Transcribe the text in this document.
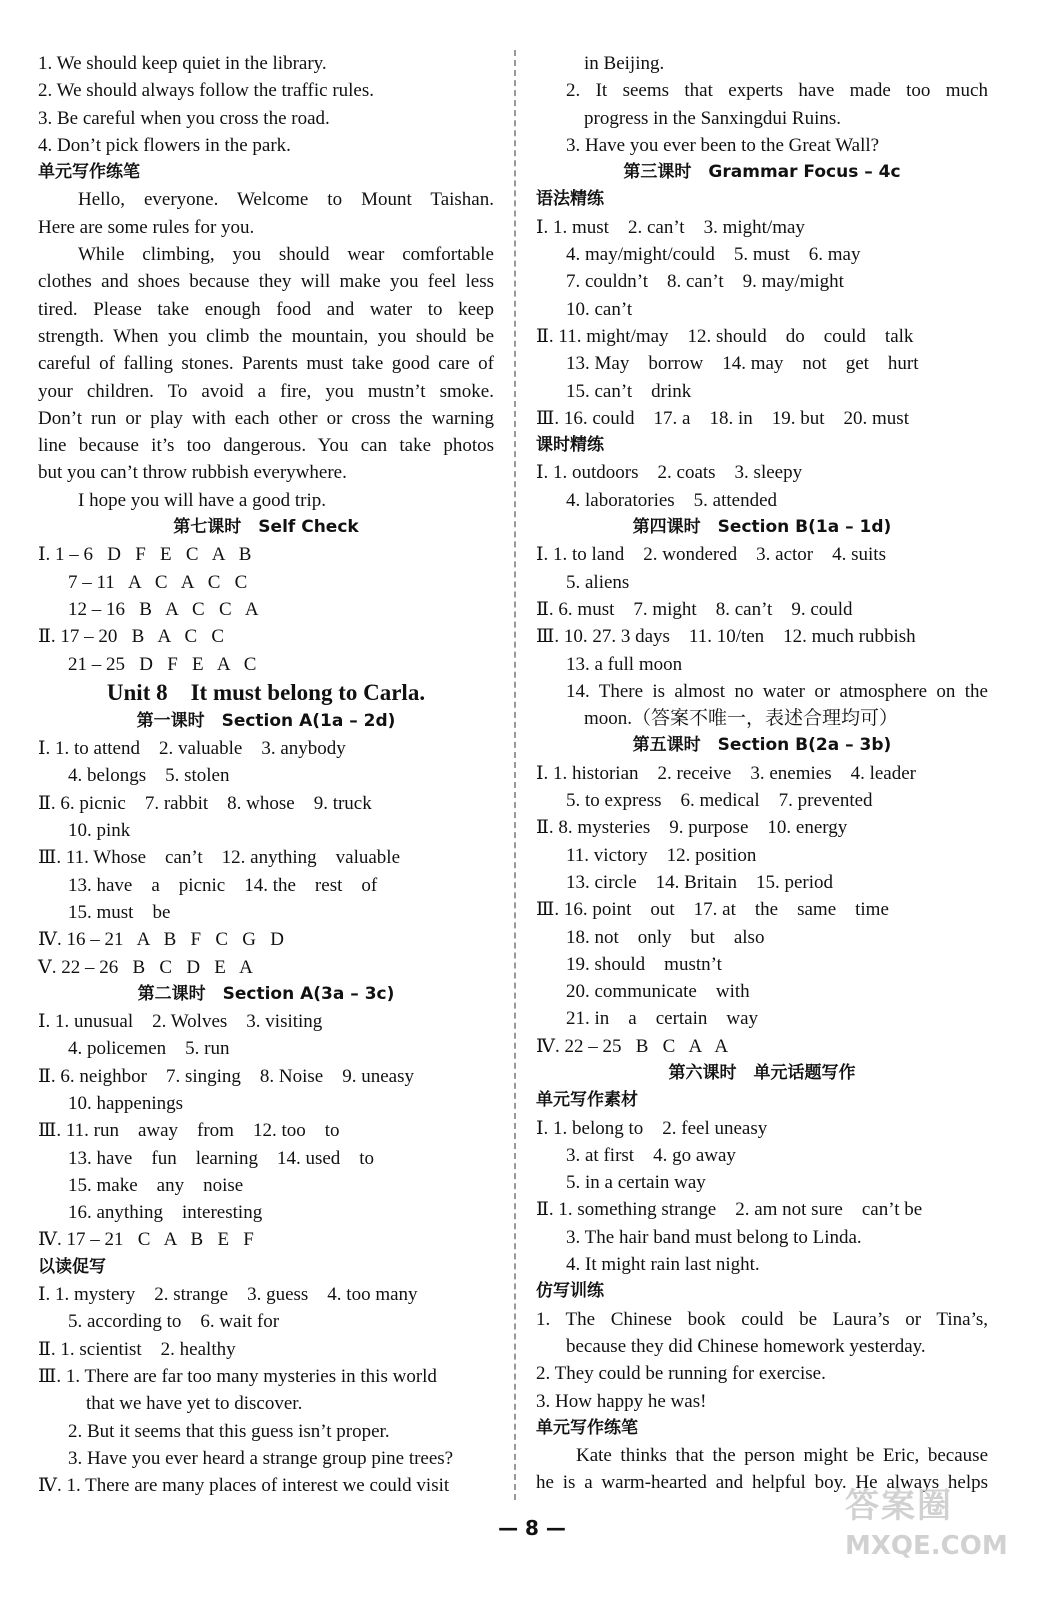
1. We should keep quiet in the library.
2. We should always follow the traffic rules.
3. Be careful when you cross the road.
4. Don’t pick flowers in the park.
单元写作练笔
Hello, everyone. Welcome to Mount Taishan.
Here are some rules for you.
While climbing, you should wear comfortable
clothes and shoes because they will make you feel less
tired. Please take enough food and water to keep
strength. When you climb the mountain, you should be
careful of falling stones. Parents must take good care of
your children. To avoid a fire, you mustn’t smoke.
Don’t run or play with each other or cross the warning
line because it’s too dangerous. You can take photos
but you can’t throw rubbish everywhere.
I hope you will have a good trip.
第七课时　Self Check
Ⅰ. 1 – 6   D   F   E   C   A   B
7 – 11   A   C   A   C   C
12 – 16   B   A   C   C   A
Ⅱ. 17 – 20   B   A   C   C
21 – 25   D   F   E   A   C
Unit 8　It must belong to Carla.
第一课时　Section A(1a – 2d)
Ⅰ. 1. to attend    2. valuable    3. anybody
4. belongs    5. stolen
Ⅱ. 6. picnic    7. rabbit    8. whose    9. truck
10. pink
Ⅲ. 11. Whose    can’t    12. anything    valuable
13. have    a    picnic    14. the    rest    of
15. must    be
Ⅳ. 16 – 21   A   B   F   C   G   D
Ⅴ. 22 – 26   B   C   D   E   A
第二课时　Section A(3a – 3c)
Ⅰ. 1. unusual    2. Wolves    3. visiting
4. policemen    5. run
Ⅱ. 6. neighbor    7. singing    8. Noise    9. uneasy
10. happenings
Ⅲ. 11. run    away    from    12. too    to
13. have    fun    learning    14. used    to
15. make    any    noise
16. anything    interesting
Ⅳ. 17 – 21   C   A   B   E   F
以读促写
Ⅰ. 1. mystery    2. strange    3. guess    4. too many
5. according to    6. wait for
Ⅱ. 1. scientist    2. healthy
Ⅲ. 1. There are far too many mysteries in this world
that we have yet to discover.
2. But it seems that this guess isn’t proper.
3. Have you ever heard a strange group pine trees?
Ⅳ. 1. There are many places of interest we could visit
in Beijing.
2. It seems that experts have made too much
progress in the Sanxingdui Ruins.
3. Have you ever been to the Great Wall?
第三课时　Grammar Focus – 4c
语法精练
Ⅰ. 1. must    2. can’t    3. might/may
4. may/might/could    5. must    6. may
7. couldn’t    8. can’t    9. may/might
10. can’t
Ⅱ. 11. might/may    12. should    do    could    talk
13. May    borrow    14. may    not    get    hurt
15. can’t    drink
Ⅲ. 16. could    17. a    18. in    19. but    20. must
课时精练
Ⅰ. 1. outdoors    2. coats    3. sleepy
4. laboratories    5. attended
第四课时　Section B(1a – 1d)
Ⅰ. 1. to land    2. wondered    3. actor    4. suits
5. aliens
Ⅱ. 6. must    7. might    8. can’t    9. could
Ⅲ. 10. 27. 3 days    11. 10/ten    12. much rubbish
13. a full moon
14. There is almost no water or atmosphere on the
moon.（答案不唯一，表述合理均可）
第五课时　Section B(2a – 3b)
Ⅰ. 1. historian    2. receive    3. enemies    4. leader
5. to express    6. medical    7. prevented
Ⅱ. 8. mysteries    9. purpose    10. energy
11. victory    12. position
13. circle    14. Britain    15. period
Ⅲ. 16. point    out    17. at    the    same    time
18. not    only    but    also
19. should    mustn’t
20. communicate    with
21. in    a    certain    way
Ⅳ. 22 – 25   B   C   A   A
第六课时　单元话题写作
单元写作素材
Ⅰ. 1. belong to    2. feel uneasy
3. at first    4. go away
5. in a certain way
Ⅱ. 1. something strange    2. am not sure    can’t be
3. The hair band must belong to Linda.
4. It might rain last night.
仿写训练
1. The Chinese book could be Laura’s or Tina’s,
because they did Chinese homework yesterday.
2. They could be running for exercise.
3. How happy he was!
单元写作练笔
Kate thinks that the person might be Eric, because
he is a warm-hearted and helpful boy. He always helps
— 8 —
答案圈
MXQE.COM
